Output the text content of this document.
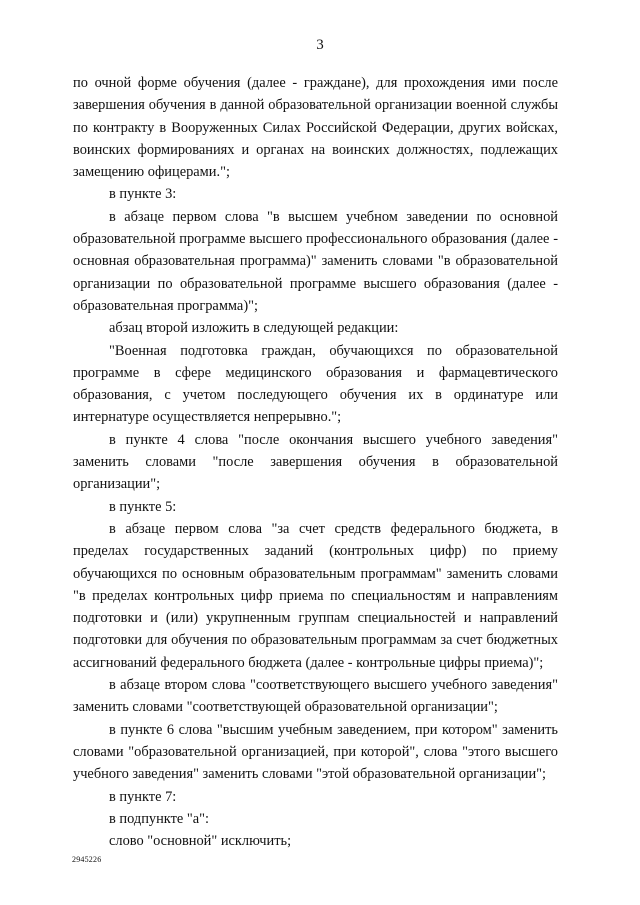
3

по очной форме обучения (далее - граждане), для прохождения ими после завершения обучения в данной образовательной организации военной службы по контракту в Вооруженных Силах Российской Федерации, других войсках, воинских формированиях и органах на воинских должностях, подлежащих замещению офицерами.";

в пункте 3:

в абзаце первом слова "в высшем учебном заведении по основной образовательной программе высшего профессионального образования (далее - основная образовательная программа)" заменить словами "в образовательной организации по образовательной программе высшего образования (далее - образовательная программа)";

абзац второй изложить в следующей редакции:

"Военная подготовка граждан, обучающихся по образовательной программе в сфере медицинского образования и фармацевтического образования, с учетом последующего обучения их в ординатуре или интернатуре осуществляется непрерывно.";

в пункте 4 слова "после окончания высшего учебного заведения" заменить словами "после завершения обучения в образовательной организации";

в пункте 5:

в абзаце первом слова "за счет средств федерального бюджета, в пределах государственных заданий (контрольных цифр) по приему обучающихся по основным образовательным программам" заменить словами "в пределах контрольных цифр приема по специальностям и направлениям подготовки и (или) укрупненным группам специальностей и направлений подготовки для обучения по образовательным программам за счет бюджетных ассигнований федерального бюджета (далее - контрольные цифры приема)";

в абзаце втором слова "соответствующего высшего учебного заведения" заменить словами "соответствующей образовательной организации";

в пункте 6 слова "высшим учебным заведением, при котором" заменить словами "образовательной организацией, при которой", слова "этого высшего учебного заведения" заменить словами "этой образовательной организации";

в пункте 7:

в подпункте "а":

слово "основной" исключить;

2945226
